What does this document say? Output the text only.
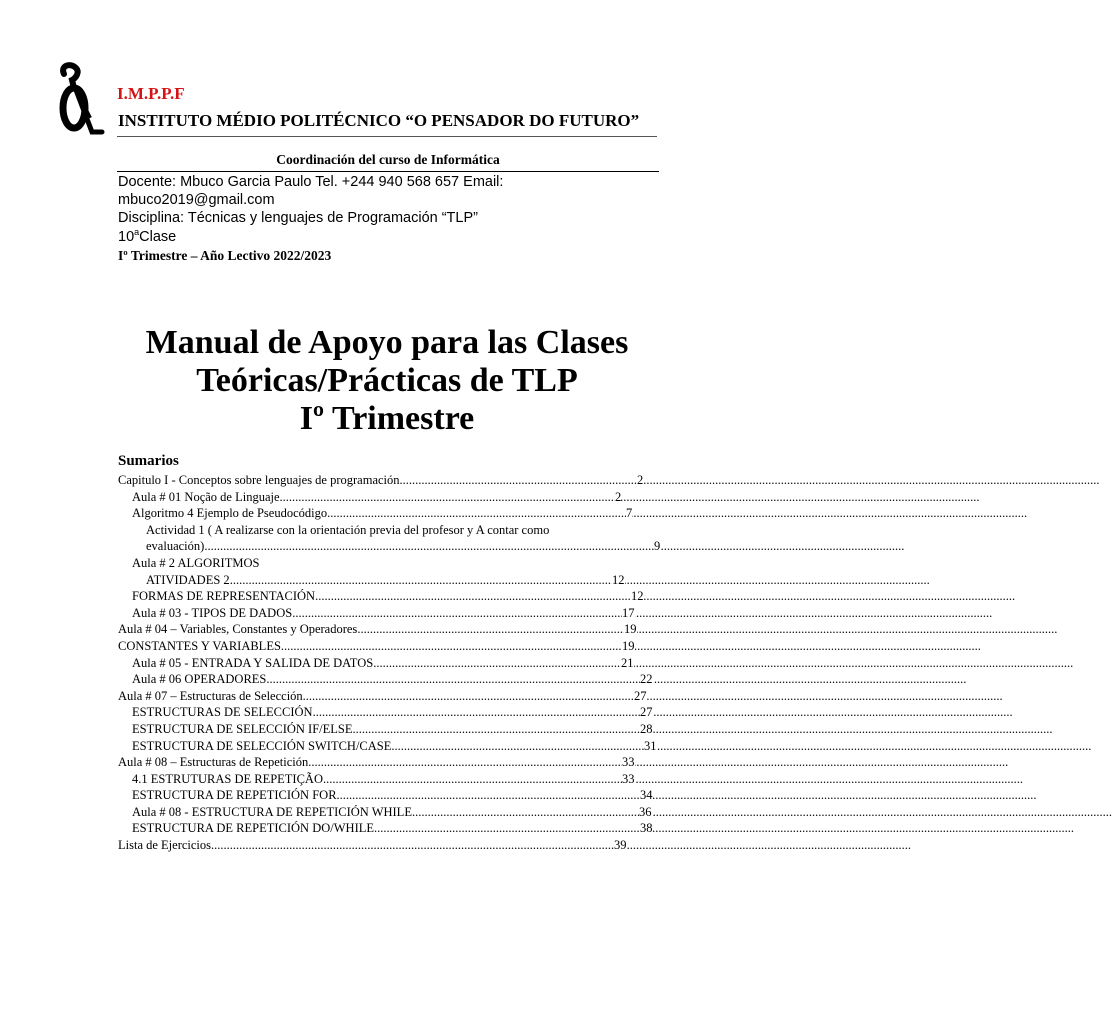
I.M.P.P.F
INSTITUTO MÉDIO POLITÉCNICO “O PENSADOR DO FUTURO”
Coordinación del curso de Informática
Docente: Mbuco Garcia Paulo Tel. +244 940 568 657 Email:
mbuco2019@gmail.com
Disciplina: Técnicas y lenguajes de Programación “TLP”
10$^a$Clase
Iº Trimestre – Año Lectivo 2022/2023
Manual de Apoyo para las Clases
Teóricas/Prácticas de TLP
Iº Trimestre
Sumarios
Capitulo I - Conceptos sobre lenguajes de programación .....	2
Aula # 01 Noção de Linguaje .....	2
Algoritmo 4 Ejemplo de Pseudocódigo .....	7
Actividad 1 ( A realizarse con la orientación previa del profesor y A contar como
evaluación) .....	9
Aula # 2 ALGORITMOS
ATIVIDADES 2 .....	12
FORMAS DE REPRESENTACIÓN .....	12
Aula # 03 - TIPOS DE DADOS .....	17
Aula # 04 – Variables, Constantes y Operadores .....	19
CONSTANTES Y VARIABLES .....	19
Aula # 05 - ENTRADA Y SALIDA DE DATOS .....	21
Aula # 06 OPERADORES .....	22
Aula # 07 – Estructuras de Selección .....	27
ESTRUCTURAS DE SELECCIÓN .....	27
ESTRUCTURA DE SELECCIÓN IF/ELSE .....	28
ESTRUCTURA DE SELECCIÓN SWITCH/CASE .....	31
Aula # 08 – Estructuras de Repetición .....	33
4.1 ESTRUTURAS DE REPETIÇÃO .....	33
ESTRUCTURA DE REPETICIÓN FOR .....	34
Aula # 08 - ESTRUCTURA DE REPETICIÓN WHILE .....	36
ESTRUCTURA DE REPETICIÓN DO/WHILE .....	38
Lista de Ejercicios .....	39
